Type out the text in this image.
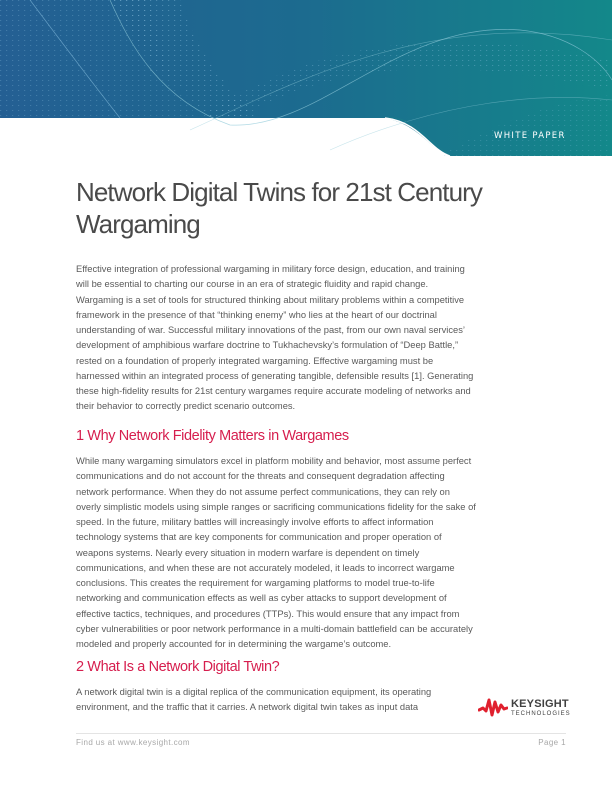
WHITE PAPER
Network Digital Twins for 21st Century Wargaming

Effective integration of professional wargaming in military force design, education, and training will be essential to charting our course in an era of strategic fluidity and rapid change. Wargaming is a set of tools for structured thinking about military problems within a competitive framework in the presence of that “thinking enemy” who lies at the heart of our doctrinal understanding of war. Successful military innovations of the past, from our own naval services’ development of amphibious warfare doctrine to Tukhachevsky’s formulation of “Deep Battle,” rested on a foundation of properly integrated wargaming. Effective wargaming must be harnessed within an integrated process of generating tangible, defensible results [1]. Generating these high-fidelity results for 21st century wargames require accurate modeling of networks and their behavior to correctly predict scenario outcomes.

1 Why Network Fidelity Matters in Wargames

While many wargaming simulators excel in platform mobility and behavior, most assume perfect communications and do not account for the threats and consequent degradation affecting network performance. When they do not assume perfect communications, they can rely on overly simplistic models using simple ranges or sacrificing communications fidelity for the sake of speed. In the future, military battles will increasingly involve efforts to affect information technology systems that are key components for communication and proper operation of weapons systems. Nearly every situation in modern warfare is dependent on timely communications, and when these are not accurately modeled, it leads to incorrect wargame conclusions. This creates the requirement for wargaming platforms to model true-to-life networking and communication effects as well as cyber attacks to support development of effective tactics, techniques, and procedures (TTPs). This would ensure that any impact from cyber vulnerabilities or poor network performance in a multi-domain battlefield can be accurately modeled and properly accounted for in determining the wargame’s outcome.

2 What Is a Network Digital Twin?

A network digital twin is a digital replica of the communication equipment, its operating environment, and the traffic that it carries. A network digital twin takes as input data	KEYSIGHT
TECHNOLOGIES
Find us at www.keysight.com	Page 1
